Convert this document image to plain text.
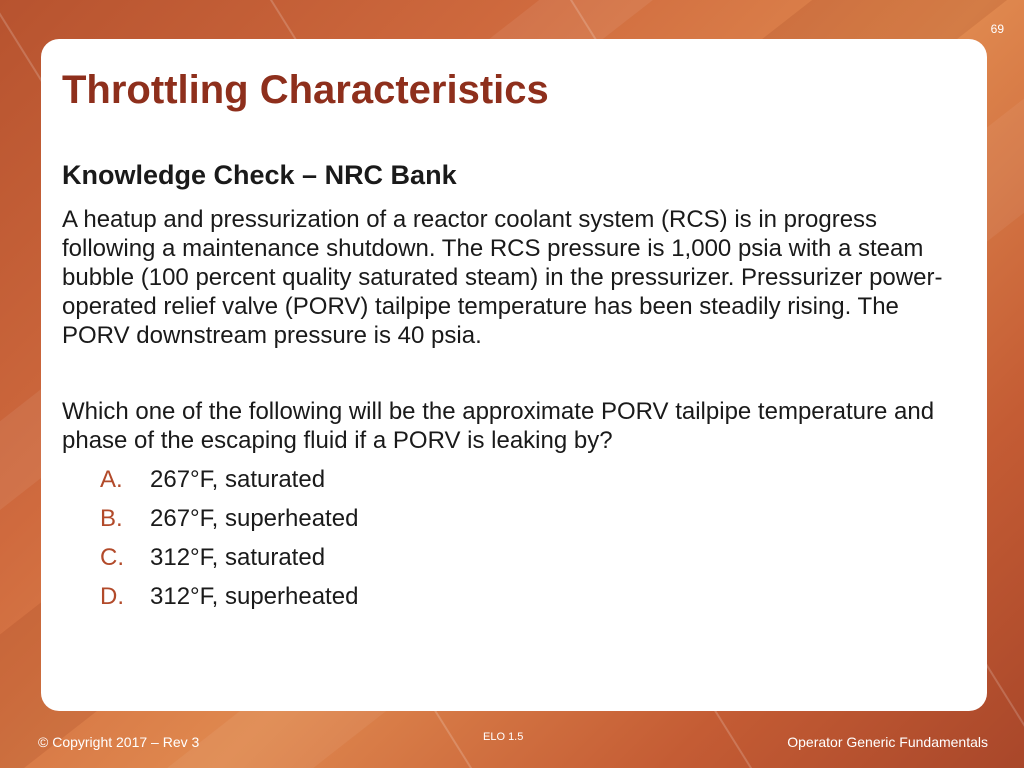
69
Throttling Characteristics
Knowledge Check – NRC Bank

A heatup and pressurization of a reactor coolant system (RCS) is in progress following a maintenance shutdown. The RCS pressure is 1,000 psia with a steam bubble (100 percent quality saturated steam) in the pressurizer. Pressurizer power-operated relief valve (PORV) tailpipe temperature has been steadily rising. The PORV downstream pressure is 40 psia.

Which one of the following will be the approximate PORV tailpipe temperature and phase of the escaping fluid if a PORV is leaking by?

A.	267°F, saturated
B.	267°F, superheated
C.	312°F, saturated
D.	312°F, superheated
© Copyright 2017 – Rev 3	ELO 1.5	Operator Generic Fundamentals
